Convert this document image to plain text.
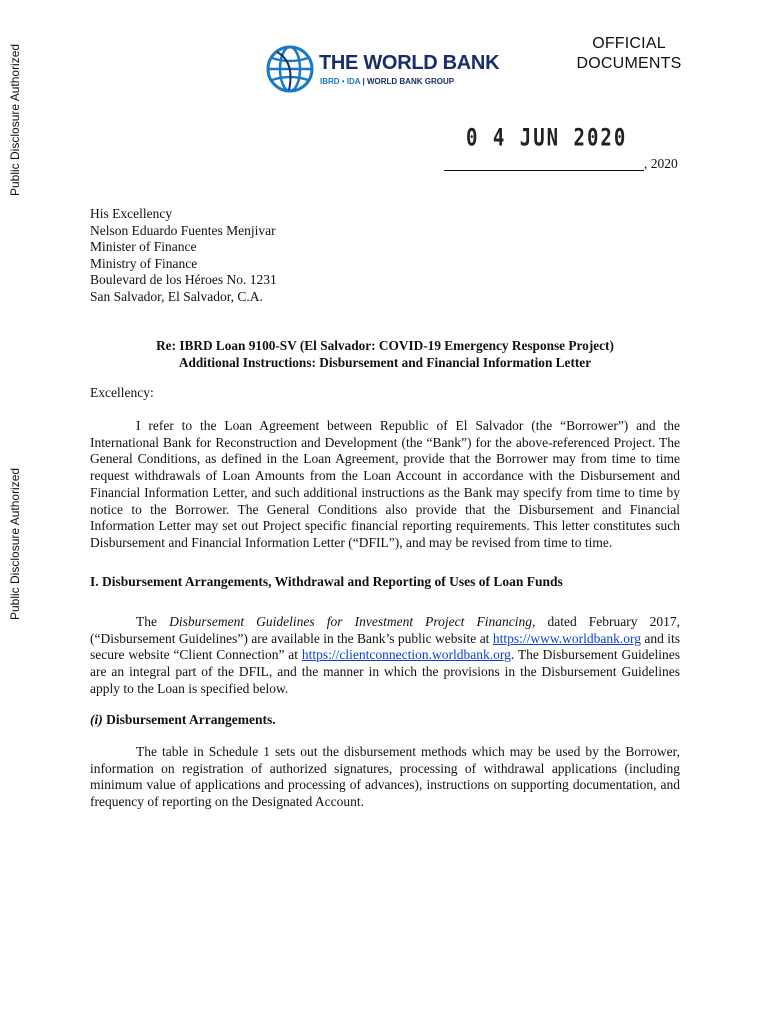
Public Disclosure Authorized
Public Disclosure Authorized
THE WORLD BANK
IBRD • IDA | WORLD BANK GROUP
OFFICIAL
DOCUMENTS
0 4 JUN 2020
, 2020
His Excellency
Nelson Eduardo Fuentes Menjivar
Minister of Finance
Ministry of Finance
Boulevard de los Héroes No. 1231
San Salvador, El Salvador, C.A.
Re: IBRD Loan 9100-SV (El Salvador: COVID-19 Emergency Response Project)
Additional Instructions: Disbursement and Financial Information Letter
Excellency:
I refer to the Loan Agreement between Republic of El Salvador (the “Borrower”) and the International Bank for Reconstruction and Development (the “Bank”) for the above-referenced Project. The General Conditions, as defined in the Loan Agreement, provide that the Borrower may from time to time request withdrawals of Loan Amounts from the Loan Account in accordance with the Disbursement and Financial Information Letter, and such additional instructions as the Bank may specify from time to time by notice to the Borrower. The General Conditions also provide that the Disbursement and Financial Information Letter may set out Project specific financial reporting requirements. This letter constitutes such Disbursement and Financial Information Letter (“DFIL”), and may be revised from time to time.
I. Disbursement Arrangements, Withdrawal and Reporting of Uses of Loan Funds
The Disbursement Guidelines for Investment Project Financing, dated February 2017, (“Disbursement Guidelines”) are available in the Bank’s public website at https://www.worldbank.org and its secure website “Client Connection” at https://clientconnection.worldbank.org. The Disbursement Guidelines are an integral part of the DFIL, and the manner in which the provisions in the Disbursement Guidelines apply to the Loan is specified below.
(i) Disbursement Arrangements.
The table in Schedule 1 sets out the disbursement methods which may be used by the Borrower, information on registration of authorized signatures, processing of withdrawal applications (including minimum value of applications and processing of advances), instructions on supporting documentation, and frequency of reporting on the Designated Account.
